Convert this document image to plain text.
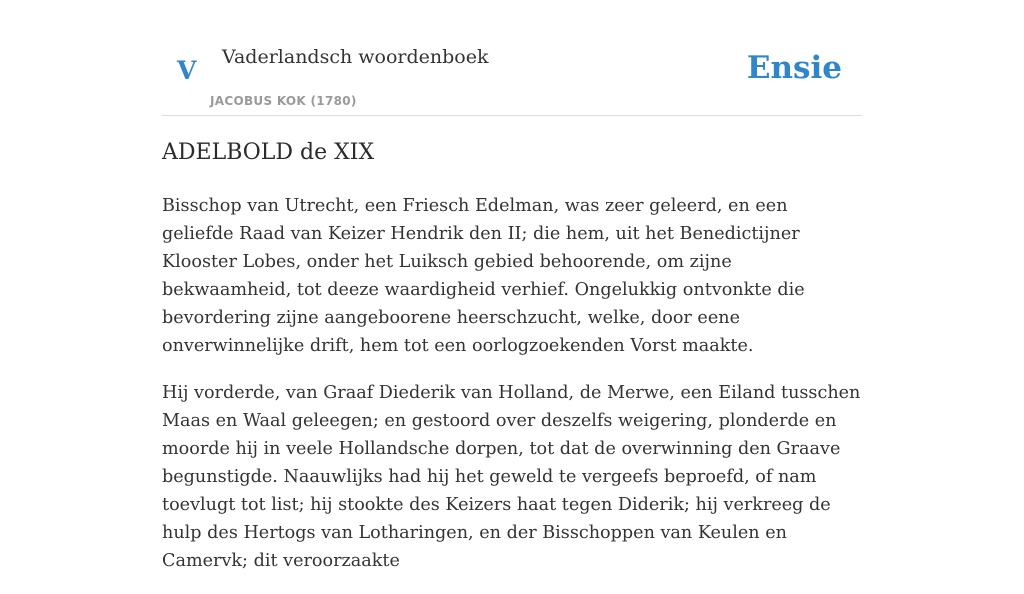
V Vaderlandsch woordenboek
JACOBUS KOK (1780)
Ensie
ADELBOLD de XIX

Bisschop van Utrecht, een Friesch Edelman, was zeer geleerd, en een geliefde Raad van Keizer Hendrik den II; die hem, uit het Benedictijner Klooster Lobes, onder het Luiksch gebied behoorende, om zijne bekwaamheid, tot deeze waardigheid verhief. Ongelukkig ontvonkte die bevordering zijne aangeboorene heerschzucht, welke, door eene onverwinnelijke drift, hem tot een oorlogzoekenden Vorst maakte.

Hij vorderde, van Graaf Diederik van Holland, de Merwe, een Eiland tusschen Maas en Waal geleegen; en gestoord over deszelfs weigering, plonderde en moorde hij in veele Hollandsche dorpen, tot dat de overwinning den Graave begunstigde. Naauwlijks had hij het geweld te vergeefs beproefd, of nam toevlugt tot list; hij stookte des Keizers haat tegen Diderik; hij verkreeg de hulp des Hertogs van Lotharingen, en der Bisschoppen van Keulen en Camervk; dit veroorzaakte
